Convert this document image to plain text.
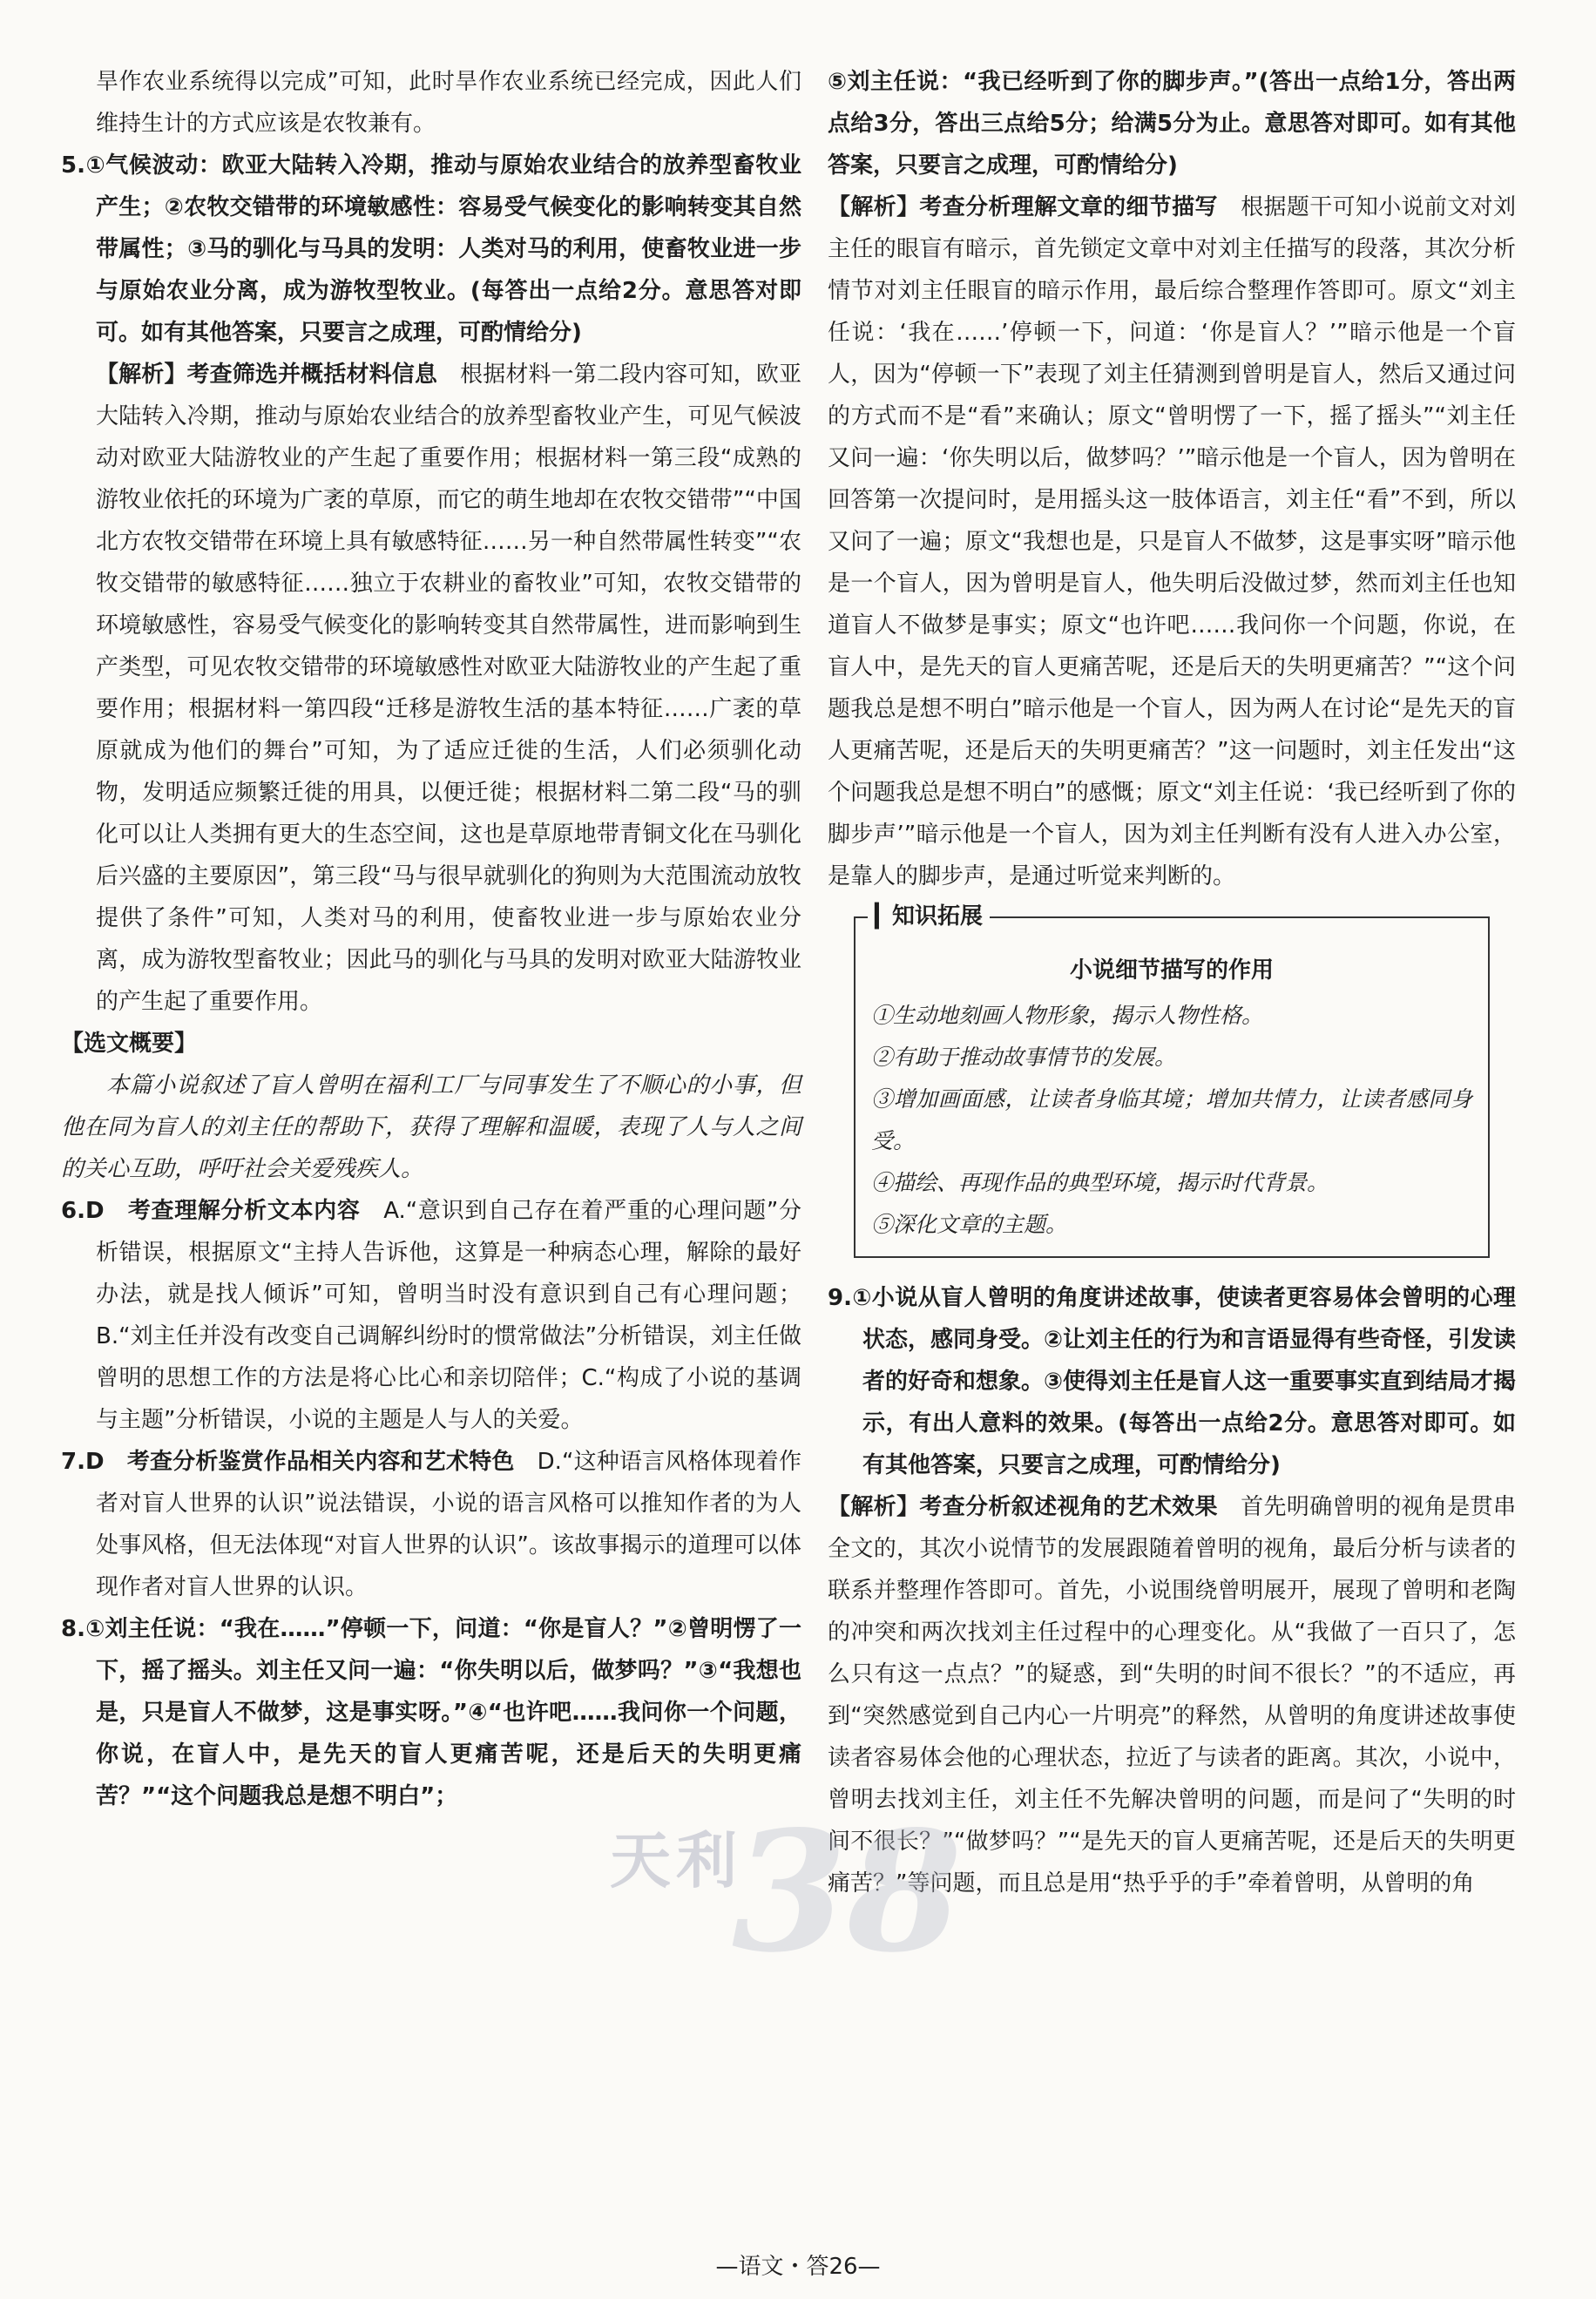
旱作农业系统得以完成”可知，此时旱作农业系统已经完成，因此人们维持生计的方式应该是农牧兼有。

5.①气候波动：欧亚大陆转入冷期，推动与原始农业结合的放养型畜牧业产生；②农牧交错带的环境敏感性：容易受气候变化的影响转变其自然带属性；③马的驯化与马具的发明：人类对马的利用，使畜牧业进一步与原始农业分离，成为游牧型牧业。(每答出一点给2分。意思答对即可。如有其他答案，只要言之成理，可酌情给分)

【解析】考查筛选并概括材料信息　 根据材料一第二段内容可知，欧亚大陆转入冷期，推动与原始农业结合的放养型畜牧业产生，可见气候波动对欧亚大陆游牧业的产生起了重要作用；根据材料一第三段“成熟的游牧业依托的环境为广袤的草原，而它的萌生地却在农牧交错带”“中国北方农牧交错带在环境上具有敏感特征……另一种自然带属性转变”“农牧交错带的敏感特征……独立于农耕业的畜牧业”可知，农牧交错带的环境敏感性，容易受气候变化的影响转变其自然带属性，进而影响到生产类型，可见农牧交错带的环境敏感性对欧亚大陆游牧业的产生起了重要作用；根据材料一第四段“迁移是游牧生活的基本特征……广袤的草原就成为他们的舞台”可知，为了适应迁徙的生活，人们必须驯化动物，发明适应频繁迁徙的用具，以便迁徙；根据材料二第二段“马的驯化可以让人类拥有更大的生态空间，这也是草原地带青铜文化在马驯化后兴盛的主要原因”，第三段“马与很早就驯化的狗则为大范围流动放牧提供了条件”可知，人类对马的利用，使畜牧业进一步与原始农业分离，成为游牧型畜牧业；因此马的驯化与马具的发明对欧亚大陆游牧业的产生起了重要作用。

【选文概要】

本篇小说叙述了盲人曾明在福利工厂与同事发生了不顺心的小事，但他在同为盲人的刘主任的帮助下，获得了理解和温暖，表现了人与人之间的关心互助，呼吁社会关爱残疾人。

6.D　考查理解分析文本内容　 A.“意识到自己存在着严重的心理问题”分析错误，根据原文“主持人告诉他，这算是一种病态心理，解除的最好办法，就是找人倾诉”可知，曾明当时没有意识到自己有心理问题；B.“刘主任并没有改变自己调解纠纷时的惯常做法”分析错误，刘主任做曾明的思想工作的方法是将心比心和亲切陪伴；C.“构成了小说的基调与主题”分析错误，小说的主题是人与人的关爱。

7.D　考查分析鉴赏作品相关内容和艺术特色　 D.“这种语言风格体现着作者对盲人世界的认识”说法错误，小说的语言风格可以推知作者的为人处事风格，但无法体现“对盲人世界的认识”。该故事揭示的道理可以体现作者对盲人世界的认识。

8.①刘主任说：“我在……”停顿一下，问道：“你是盲人？”②曾明愣了一下，摇了摇头。刘主任又问一遍：“你失明以后，做梦吗？”③“我想也是，只是盲人不做梦，这是事实呀。”④“也许吧……我问你一个问题，你说，在盲人中，是先天的盲人更痛苦呢，还是后天的失明更痛苦？”“这个问题我总是想不明白”；

⑤刘主任说：“我已经听到了你的脚步声。”(答出一点给1分，答出两点给3分，答出三点给5分；给满5分为止。意思答对即可。如有其他答案，只要言之成理，可酌情给分)

【解析】考查分析理解文章的细节描写　 根据题干可知小说前文对刘主任的眼盲有暗示，首先锁定文章中对刘主任描写的段落，其次分析情节对刘主任眼盲的暗示作用，最后综合整理作答即可。原文“刘主任说：‘我在……’停顿一下，问道：‘你是盲人？’”暗示他是一个盲人，因为“停顿一下”表现了刘主任猜测到曾明是盲人，然后又通过问的方式而不是“看”来确认；原文“曾明愣了一下，摇了摇头”“刘主任又问一遍：‘你失明以后，做梦吗？’”暗示他是一个盲人，因为曾明在回答第一次提问时，是用摇头这一肢体语言，刘主任“看”不到，所以又问了一遍；原文“我想也是，只是盲人不做梦，这是事实呀”暗示他是一个盲人，因为曾明是盲人，他失明后没做过梦，然而刘主任也知道盲人不做梦是事实；原文“也许吧……我问你一个问题，你说，在盲人中，是先天的盲人更痛苦呢，还是后天的失明更痛苦？”“这个问题我总是想不明白”暗示他是一个盲人，因为两人在讨论“是先天的盲人更痛苦呢，还是后天的失明更痛苦？”这一问题时，刘主任发出“这个问题我总是想不明白”的感慨；原文“刘主任说：‘我已经听到了你的脚步声’”暗示他是一个盲人，因为刘主任判断有没有人进入办公室，是靠人的脚步声，是通过听觉来判断的。

▎知识拓展
小说细节描写的作用

①生动地刻画人物形象，揭示人物性格。

②有助于推动故事情节的发展。

③增加画面感，让读者身临其境；增加共情力，让读者感同身受。

④描绘、再现作品的典型环境，揭示时代背景。

⑤深化文章的主题。

9.①小说从盲人曾明的角度讲述故事，使读者更容易体会曾明的心理状态，感同身受。②让刘主任的行为和言语显得有些奇怪，引发读者的好奇和想象。③使得刘主任是盲人这一重要事实直到结局才揭示，有出人意料的效果。(每答出一点给2分。意思答对即可。如有其他答案，只要言之成理，可酌情给分)

【解析】考查分析叙述视角的艺术效果　 首先明确曾明的视角是贯串全文的，其次小说情节的发展跟随着曾明的视角，最后分析与读者的联系并整理作答即可。首先，小说围绕曾明展开，展现了曾明和老陶的冲突和两次找刘主任过程中的心理变化。从“我做了一百只了，怎么只有这一点点？”的疑惑，到“失明的时间不很长？”的不适应，再到“突然感觉到自己内心一片明亮”的释然，从曾明的角度讲述故事使读者容易体会他的心理状态，拉近了与读者的距离。其次，小说中，曾明去找刘主任，刘主任不先解决曾明的问题，而是问了“失明的时间不很长？”“做梦吗？”“是先天的盲人更痛苦呢，还是后天的失明更痛苦？”等问题，而且总是用“热乎乎的手”牵着曾明，从曾明的角

38
天利
—语文・答26—
